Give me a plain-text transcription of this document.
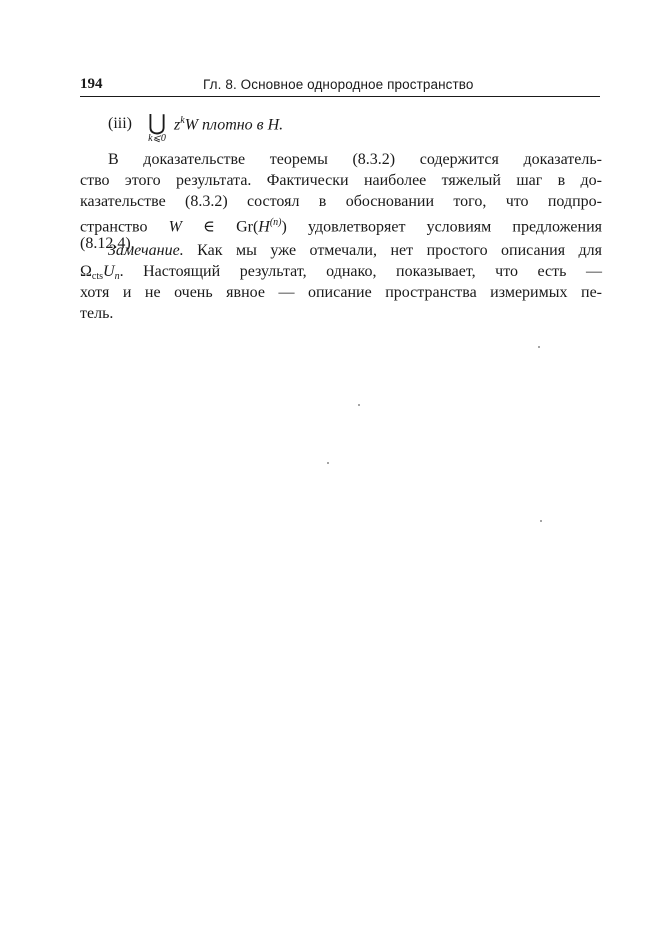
194	Гл. 8. Основное однородное пространство
(iii) ⋃
k⩽0
$z^kW$ плотно в H.
В доказательстве теоремы (8.3.2) содержится доказатель-
ство этого результата. Фактически наиболее тяжелый шаг в до-
казательстве (8.3.2) состоял в обосновании того, что подпро-
странство W ∈ $Gr(H^{(n)})$ удовлетворяет условиям предложения
(8.12.4).
Замечание. Как мы уже отмечали, нет простого описания для
$\Omega_{cts}U_n$. Настоящий результат, однако, показывает, что есть —
хотя и не очень явное — описание пространства измеримых пе-
тель.
